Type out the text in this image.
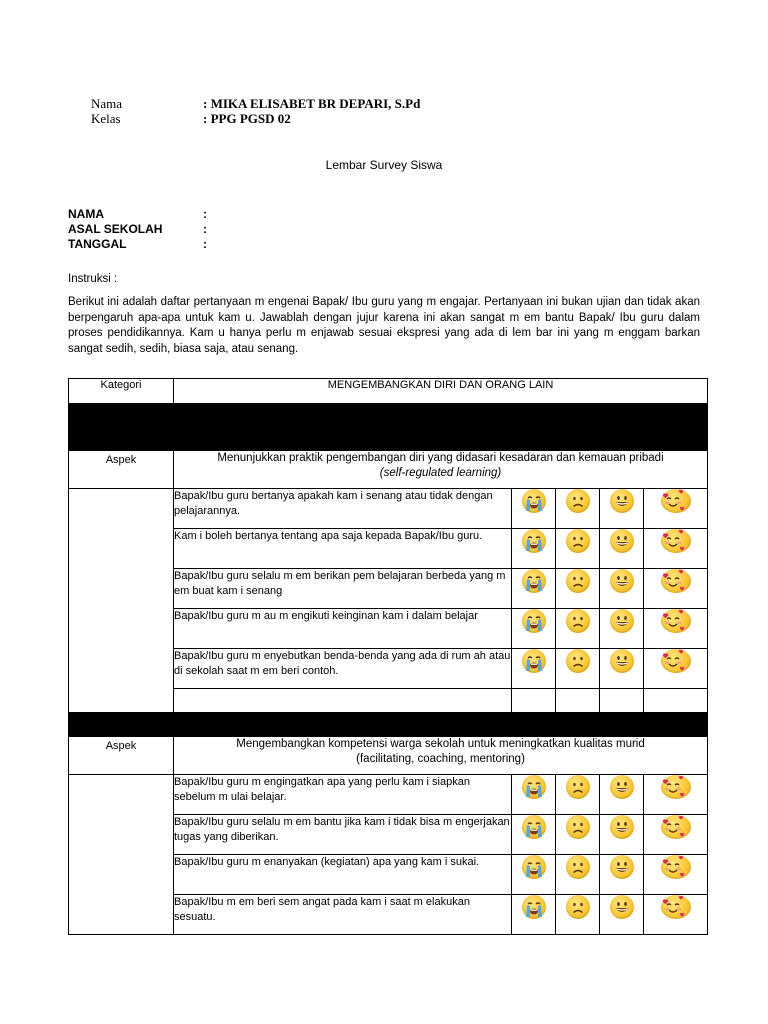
Nama	: MIKA ELISABET BR DEPARI, S.Pd
Kelas	: PPG PGSD 02
Lembar Survey Siswa
NAMA	:
ASAL SEKOLAH	:
TANGGAL	:
Instruksi :
Berikut ini adalah daftar pertanyaan m engenai Bapak/ Ibu guru yang m engajar. Pertanyaan ini bukan ujian dan tidak akan berpengaruh apa-apa untuk kam u. Jawablah dengan jujur karena ini akan sangat m em bantu Bapak/ Ibu guru dalam proses pendidikannya. Kam u hanya perlu m enjawab sesuai ekspresi yang ada di lem bar ini yang m enggam barkan sangat sedih, sedih, biasa saja, atau senang.
Kategori	MENGEMBANGKAN DIRI DAN ORANG LAIN				

Aspek	Menunjukkan praktik pengembangan diri yang didasari kesadaran dan kemauan pribadi
(self-regulated learning)				
	Bapak/Ibu guru bertanya apakah kam i senang atau tidak dengan pelajarannya.	

	Kam i boleh bertanya tentang apa saja kepada Bapak/Ibu guru.	

	Bapak/Ibu guru selalu m em berikan pem belajaran berbeda yang m em buat kam i senang	

	Bapak/Ibu guru m au m engikuti keinginan kam i dalam belajar	

	Bapak/Ibu guru m enyebutkan benda-benda yang ada di rum ah atau di sekolah saat m em beri contoh.	

Aspek	Mengembangkan kompetensi warga sekolah untuk meningkatkan kualitas murid
(facilitating, coaching, mentoring)				
	Bapak/Ibu guru m engingatkan apa yang perlu kam i siapkan sebelum m ulai belajar.	

	Bapak/Ibu guru selalu m em bantu jika kam i tidak bisa m engerjakan tugas yang diberikan.	

	Bapak/Ibu guru m enanyakan (kegiatan) apa yang kam i sukai.	

	Bapak/Ibu m em beri sem angat pada kam i saat m elakukan sesuatu.	
